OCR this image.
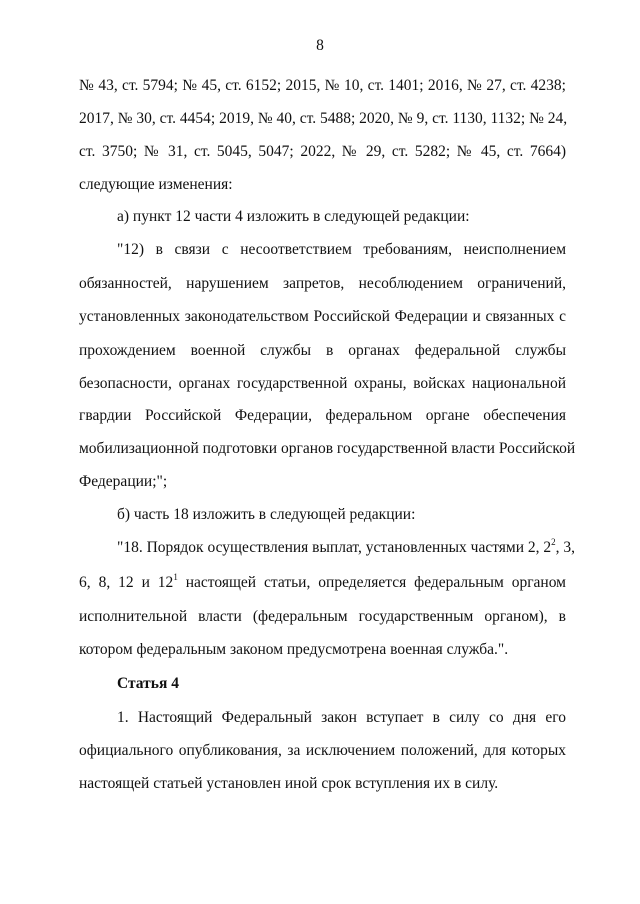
8
№ 43, ст. 5794; № 45, ст. 6152; 2015, № 10, ст. 1401; 2016, № 27, ст. 4238;
2017, № 30, ст. 4454; 2019, № 40, ст. 5488; 2020, № 9, ст. 1130, 1132; № 24,
ст. 3750; № 31, ст. 5045, 5047; 2022, № 29, ст. 5282; № 45, ст. 7664)
следующие изменения:
а) пункт 12 части 4 изложить в следующей редакции:
"12) в связи с несоответствием требованиям, неисполнением
обязанностей, нарушением запретов, несоблюдением ограничений,
установленных законодательством Российской Федерации и связанных с
прохождением военной службы в органах федеральной службы
безопасности, органах государственной охраны, войсках национальной
гвардии Российской Федерации, федеральном органе обеспечения
мобилизационной подготовки органов государственной власти Российской
Федерации;";
б) часть 18 изложить в следующей редакции:
"18. Порядок осуществления выплат, установленных частями 2, $2^2$, 3,
6, 8, 12 и $12^1$ настоящей статьи, определяется федеральным органом
исполнительной власти (федеральным государственным органом), в
котором федеральным законом предусмотрена военная служба.".
Статья 4
1. Настоящий Федеральный закон вступает в силу со дня его
официального опубликования, за исключением положений, для которых
настоящей статьей установлен иной срок вступления их в силу.
